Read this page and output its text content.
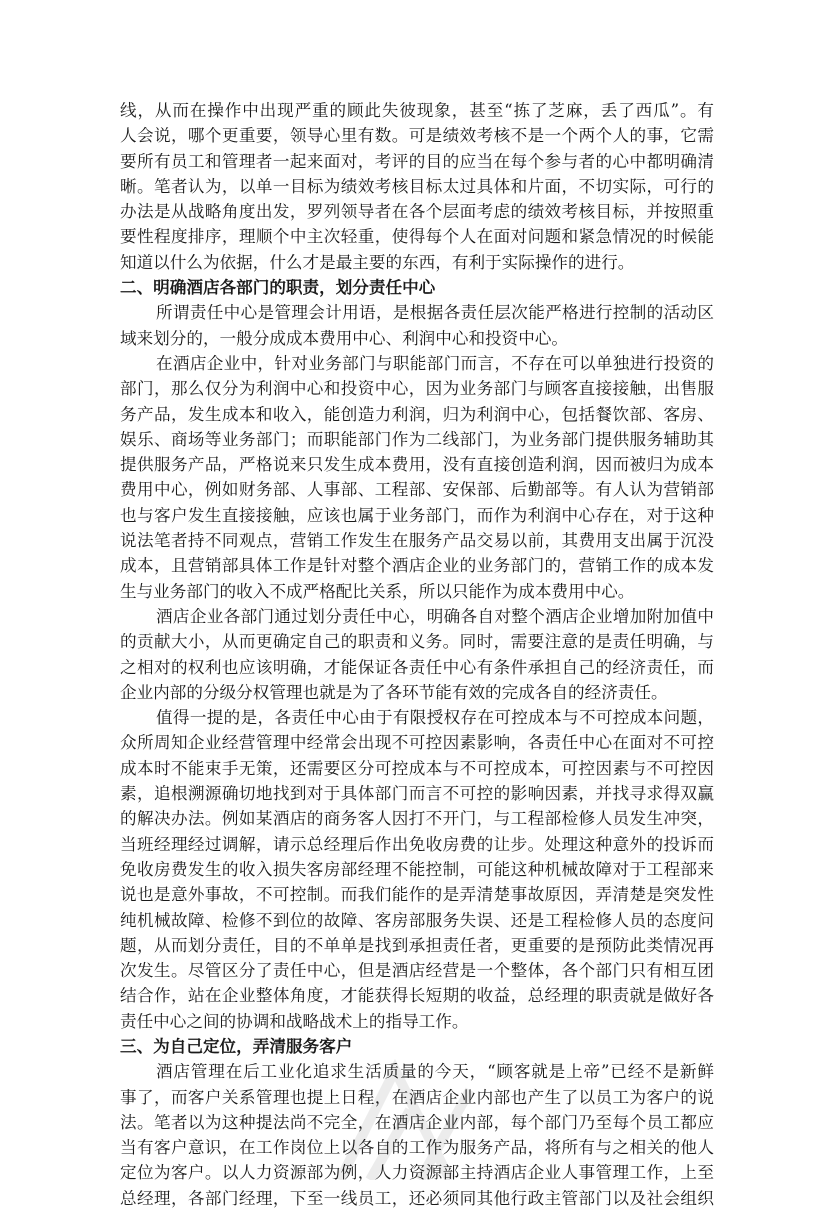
线，从而在操作中出现严重的顾此失彼现象，甚至“拣了芝麻，丢了西瓜”。有
人会说，哪个更重要，领导心里有数。可是绩效考核不是一个两个人的事，它需
要所有员工和管理者一起来面对，考评的目的应当在每个参与者的心中都明确清
晰。笔者认为，以单一目标为绩效考核目标太过具体和片面，不切实际，可行的
办法是从战略角度出发，罗列领导者在各个层面考虑的绩效考核目标，并按照重
要性程度排序，理顺个中主次轻重，使得每个人在面对问题和紧急情况的时候能
知道以什么为依据，什么才是最主要的东西，有利于实际操作的进行。
二、明确酒店各部门的职责，划分责任中心
所谓责任中心是管理会计用语，是根据各责任层次能严格进行控制的活动区
域来划分的，一般分成成本费用中心、利润中心和投资中心。
在酒店企业中，针对业务部门与职能部门而言，不存在可以单独进行投资的
部门，那么仅分为利润中心和投资中心，因为业务部门与顾客直接接触，出售服
务产品，发生成本和收入，能创造力利润，归为利润中心，包括餐饮部、客房、
娱乐、商场等业务部门；而职能部门作为二线部门，为业务部门提供服务辅助其
提供服务产品，严格说来只发生成本费用，没有直接创造利润，因而被归为成本
费用中心，例如财务部、人事部、工程部、安保部、后勤部等。有人认为营销部
也与客户发生直接接触，应该也属于业务部门，而作为利润中心存在，对于这种
说法笔者持不同观点，营销工作发生在服务产品交易以前，其费用支出属于沉没
成本，且营销部具体工作是针对整个酒店企业的业务部门的，营销工作的成本发
生与业务部门的收入不成严格配比关系，所以只能作为成本费用中心。
酒店企业各部门通过划分责任中心，明确各自对整个酒店企业增加附加值中
的贡献大小，从而更确定自己的职责和义务。同时，需要注意的是责任明确，与
之相对的权利也应该明确，才能保证各责任中心有条件承担自己的经济责任，而
企业内部的分级分权管理也就是为了各环节能有效的完成各自的经济责任。
值得一提的是，各责任中心由于有限授权存在可控成本与不可控成本问题，
众所周知企业经营管理中经常会出现不可控因素影响，各责任中心在面对不可控
成本时不能束手无策，还需要区分可控成本与不可控成本，可控因素与不可控因
素，追根溯源确切地找到对于具体部门而言不可控的影响因素，并找寻求得双赢
的解决办法。例如某酒店的商务客人因打不开门，与工程部检修人员发生冲突，
当班经理经过调解，请示总经理后作出免收房费的让步。处理这种意外的投诉而
免收房费发生的收入损失客房部经理不能控制，可能这种机械故障对于工程部来
说也是意外事故，不可控制。而我们能作的是弄清楚事故原因，弄清楚是突发性
纯机械故障、检修不到位的故障、客房部服务失误、还是工程检修人员的态度问
题，从而划分责任，目的不单单是找到承担责任者，更重要的是预防此类情况再
次发生。尽管区分了责任中心，但是酒店经营是一个整体，各个部门只有相互团
结合作，站在企业整体角度，才能获得长短期的收益，总经理的职责就是做好各
责任中心之间的协调和战略战术上的指导工作。
三、为自己定位，弄清服务客户
酒店管理在后工业化追求生活质量的今天，“顾客就是上帝”已经不是新鲜
事了，而客户关系管理也提上日程，在酒店企业内部也产生了以员工为客户的说
法。笔者以为这种提法尚不完全，在酒店企业内部，每个部门乃至每个员工都应
当有客户意识，在工作岗位上以各自的工作为服务产品，将所有与之相关的他人
定位为客户。以人力资源部为例，人力资源部主持酒店企业人事管理工作，上至
总经理，各部门经理，下至一线员工，还必须同其他行政主管部门以及社会组织
